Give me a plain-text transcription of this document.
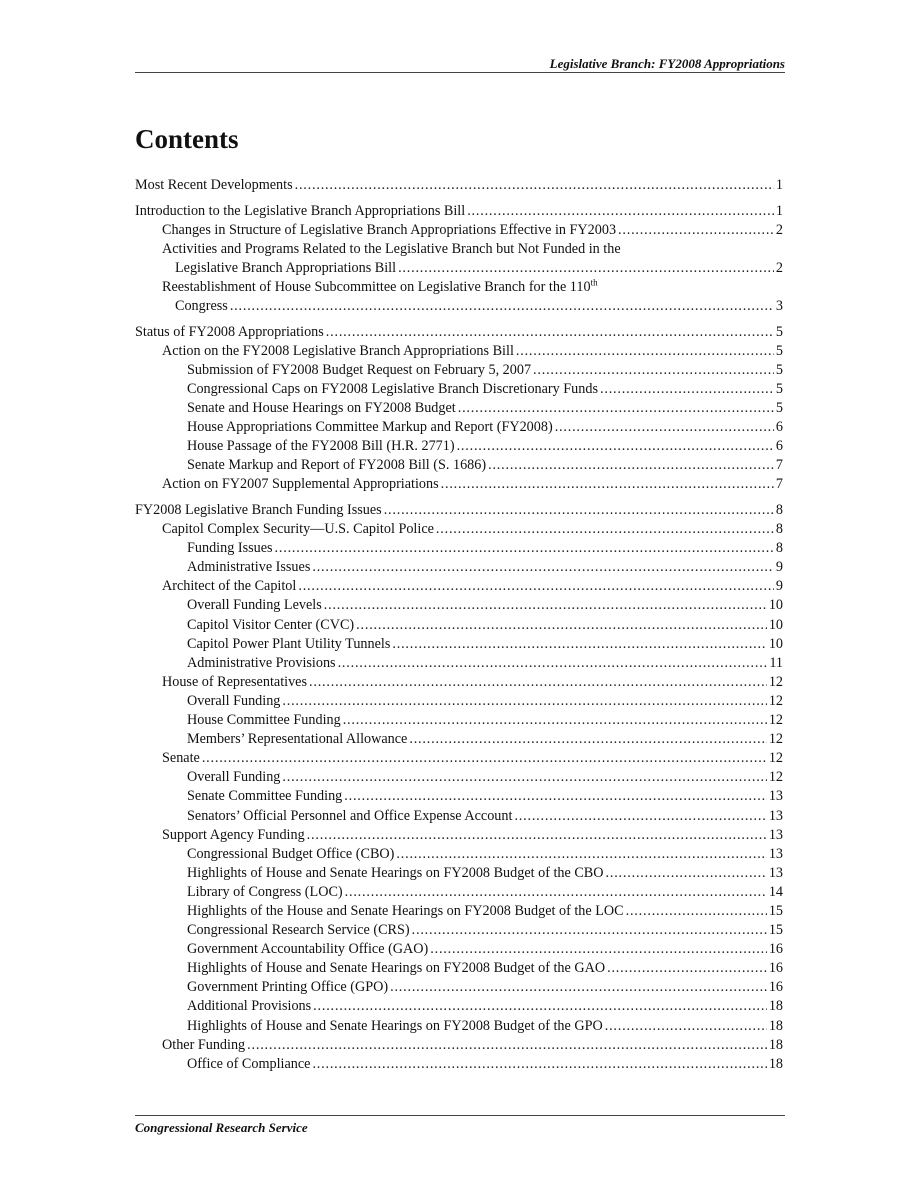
Legislative Branch: FY2008 Appropriations
Contents
Most Recent Developments .....	1
Introduction to the Legislative Branch Appropriations Bill .....	1
Changes in Structure of Legislative Branch Appropriations Effective in FY2003 .....	2
Activities and Programs Related to the Legislative Branch but Not Funded in the
Legislative Branch Appropriations Bill .....	2
Reestablishment of House Subcommittee on Legislative Branch for the 110th
Congress .....	3
Status of FY2008 Appropriations .....	5
Action on the FY2008 Legislative Branch Appropriations Bill .....	5
Submission of FY2008 Budget Request on February 5, 2007 .....	5
Congressional Caps on FY2008 Legislative Branch Discretionary Funds .....	5
Senate and House Hearings on FY2008 Budget .....	5
House Appropriations Committee Markup and Report (FY2008) .....	6
House Passage of the FY2008 Bill (H.R. 2771) .....	6
Senate Markup and Report of FY2008 Bill (S. 1686) .....	7
Action on FY2007 Supplemental Appropriations .....	7
FY2008 Legislative Branch Funding Issues .....	8
Capitol Complex Security—U.S. Capitol Police .....	8
Funding Issues .....	8
Administrative Issues .....	9
Architect of the Capitol .....	9
Overall Funding Levels .....	10
Capitol Visitor Center (CVC) .....	10
Capitol Power Plant Utility Tunnels .....	10
Administrative Provisions .....	11
House of Representatives .....	12
Overall Funding .....	12
House Committee Funding .....	12
Members’ Representational Allowance .....	12
Senate .....	12
Overall Funding .....	12
Senate Committee Funding .....	13
Senators’ Official Personnel and Office Expense Account .....	13
Support Agency Funding .....	13
Congressional Budget Office (CBO) .....	13
Highlights of House and Senate Hearings on FY2008 Budget of the CBO .....	13
Library of Congress (LOC) .....	14
Highlights of the House and Senate Hearings on FY2008 Budget of the LOC .....	15
Congressional Research Service (CRS) .....	15
Government Accountability Office (GAO) .....	16
Highlights of House and Senate Hearings on FY2008 Budget of the GAO .....	16
Government Printing Office (GPO) .....	16
Additional Provisions .....	18
Highlights of House and Senate Hearings on FY2008 Budget of the GPO .....	18
Other Funding .....	18
Office of Compliance .....	18
Congressional Research Service
